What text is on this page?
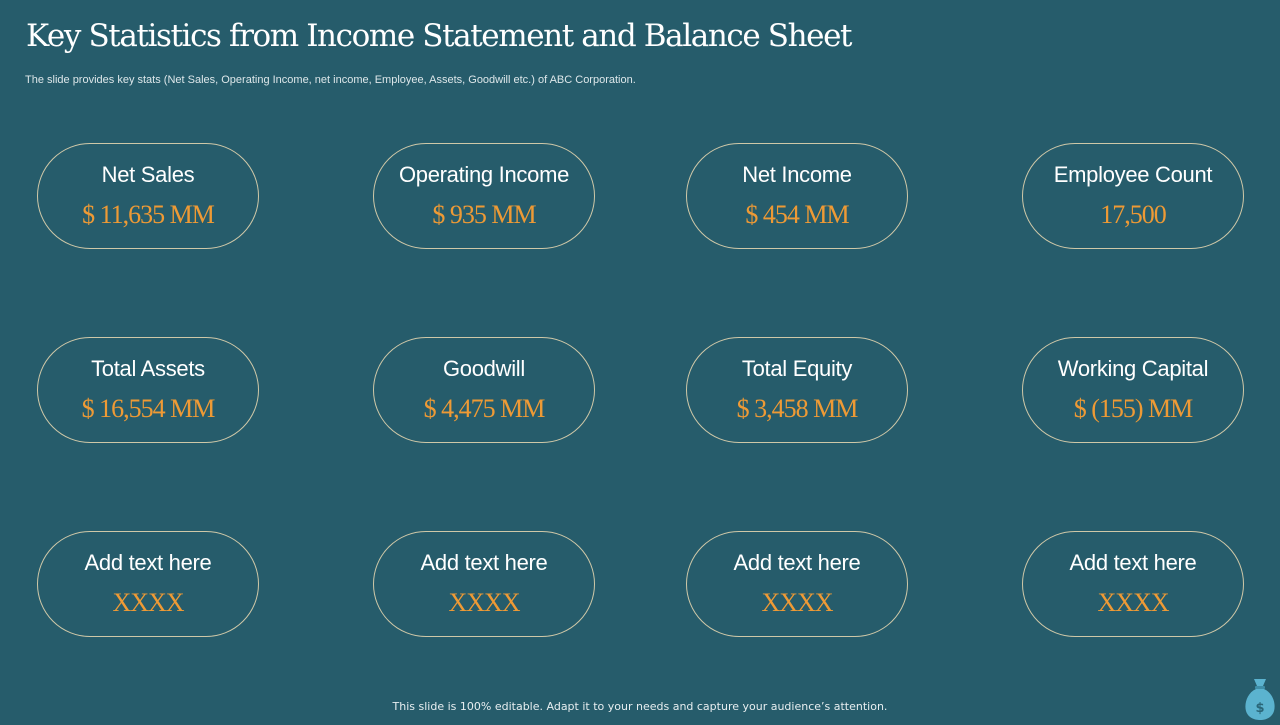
Key Statistics from Income Statement and Balance Sheet

The slide provides key stats (Net Sales, Operating Income, net income, Employee, Assets, Goodwill etc.) of ABC Corporation.

Net Sales
$ 11,635 MM
Operating Income
$ 935 MM
Net Income
$ 454 MM
Employee Count
17,500
Total Assets
$ 16,554 MM
Goodwill
$ 4,475 MM
Total Equity
$ 3,458 MM
Working Capital
$ (155) MM
Add text here
XXXX
Add text here
XXXX
Add text here
XXXX
Add text here
XXXX
This slide is 100% editable. Adapt it to your needs and capture your audience’s attention.	$
